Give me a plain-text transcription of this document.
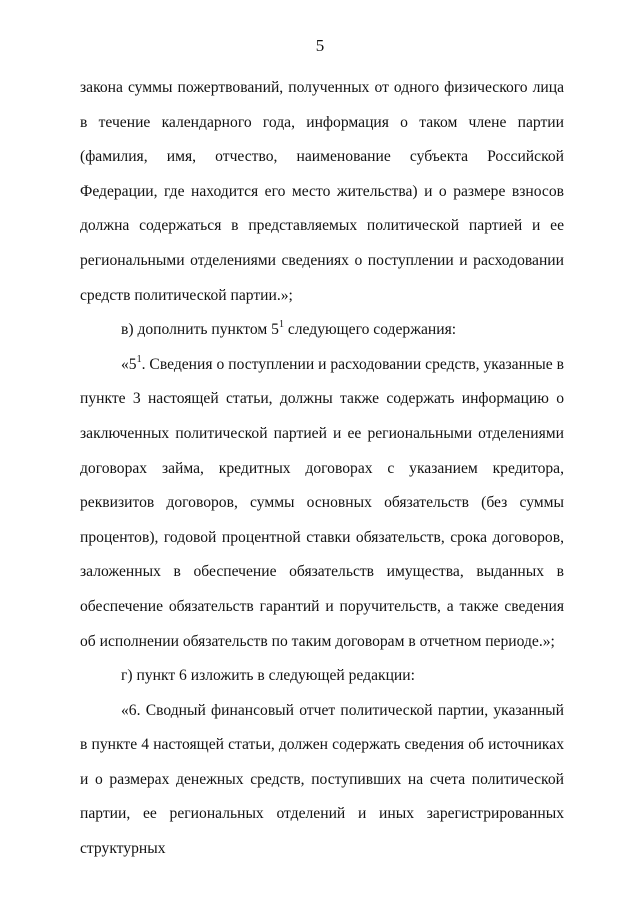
5

закона суммы пожертвований, полученных от одного физического лица в течение календарного года, информация о таком члене партии (фамилия, имя, отчество, наименование субъекта Российской Федерации, где находится его место жительства) и о размере взносов должна содержаться в представляемых политической партией и ее региональными отделениями сведениях о поступлении и расходовании средств политической партии.»;

в) дополнить пунктом $5^1$ следующего содержания:

«$5^1$. Сведения о поступлении и расходовании средств, указанные в пункте 3 настоящей статьи, должны также содержать информацию о заключенных политической партией и ее региональными отделениями договорах займа, кредитных договорах с указанием кредитора, реквизитов договоров, суммы основных обязательств (без суммы процентов), годовой процентной ставки обязательств, срока договоров, заложенных в обеспечение обязательств имущества, выданных в обеспечение обязательств гарантий и поручительств, а также сведения об исполнении обязательств по таким договорам в отчетном периоде.»;

г) пункт 6 изложить в следующей редакции:

«6. Сводный финансовый отчет политической партии, указанный в пункте 4 настоящей статьи, должен содержать сведения об источниках и о размерах денежных средств, поступивших на счета политической партии, ее региональных отделений и иных зарегистрированных структурных
